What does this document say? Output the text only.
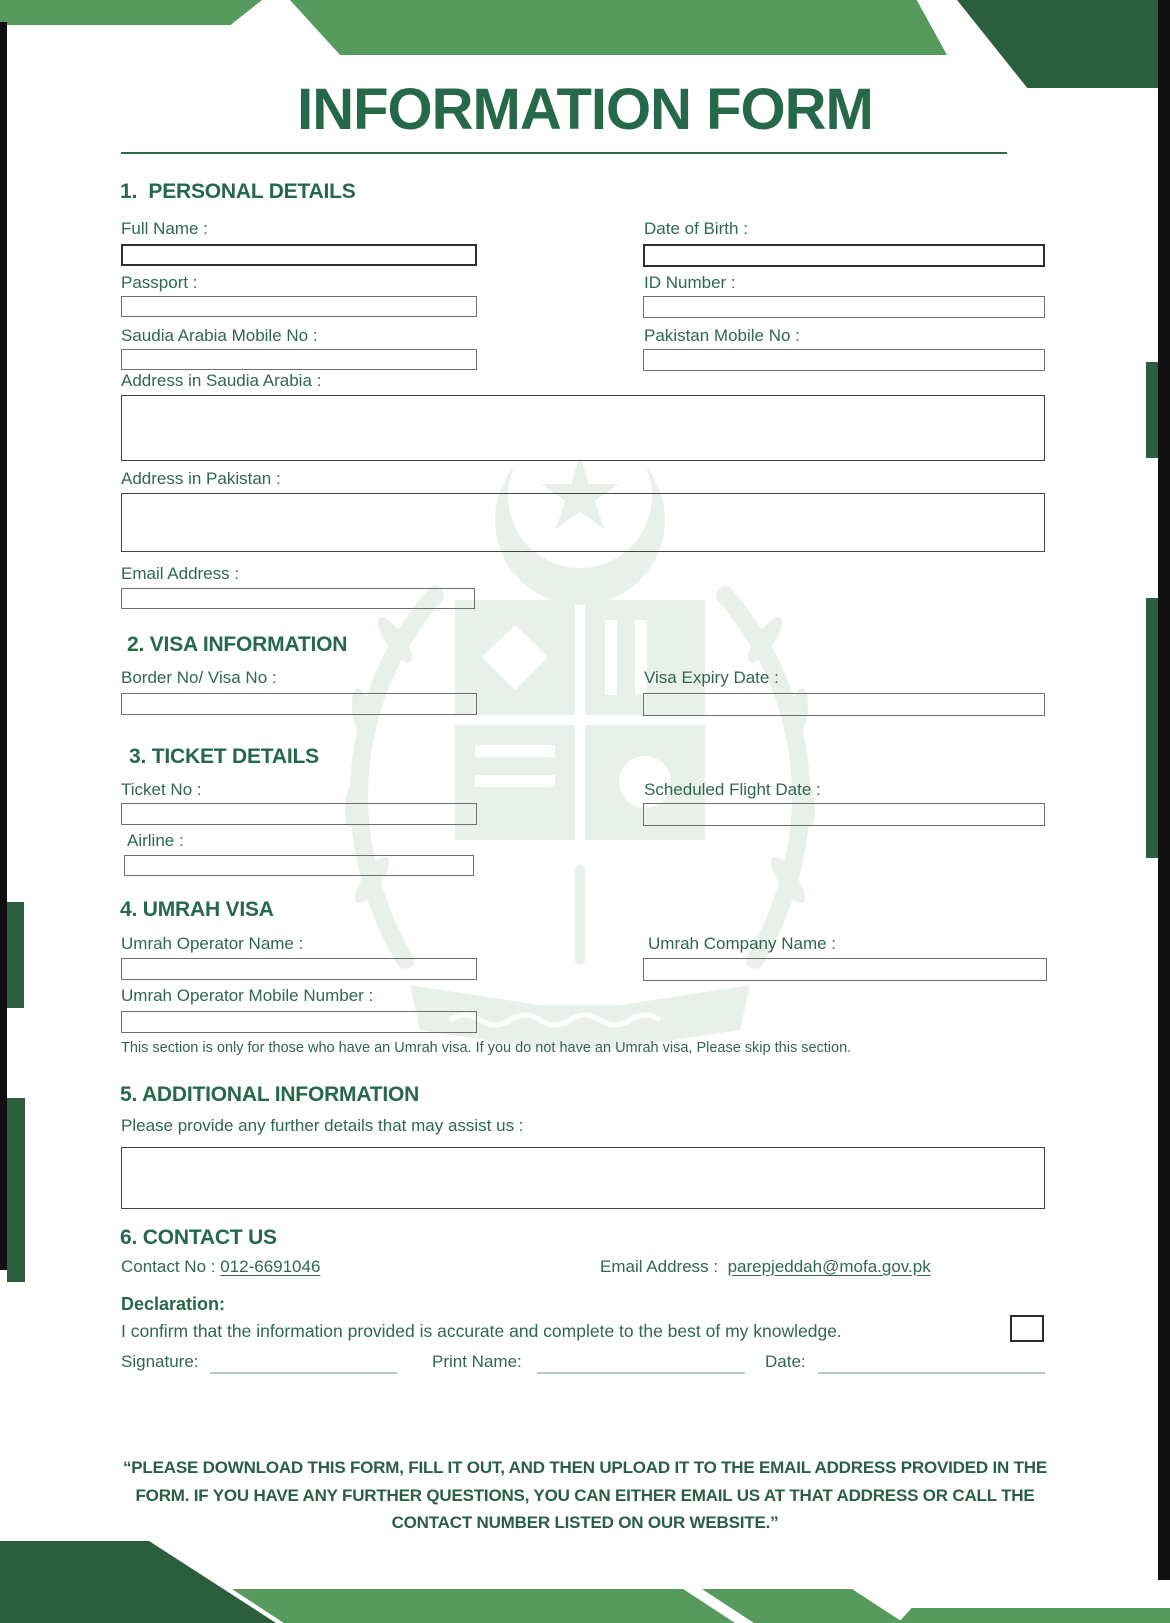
INFORMATION FORM
1.  PERSONAL DETAILS
Full Name :	Date of Birth :
Passport :	ID Number :
Saudia Arabia Mobile No :	Pakistan Mobile No :
Address in Saudia Arabia :
Address in Pakistan :
Email Address :
2. VISA INFORMATION
Border No/ Visa No :	Visa Expiry Date :
3. TICKET DETAILS
Ticket No :	Scheduled Flight Date :
Airline :
4. UMRAH VISA
Umrah Operator Name :	Umrah Company Name :
Umrah Operator Mobile Number :
This section is only for those who have an Umrah visa. If you do not have an Umrah visa, Please skip this section.
5. ADDITIONAL INFORMATION
Please provide any further details that may assist us :
6. CONTACT US
Contact No : 012-6691046	Email Address :  parepjeddah@mofa.gov.pk
Declaration:
I confirm that the information provided is accurate and complete to the best of my knowledge.
Signature:	Print Name:	Date:
“PLEASE DOWNLOAD THIS FORM, FILL IT OUT, AND THEN UPLOAD IT TO THE EMAIL ADDRESS PROVIDED IN THE
FORM. IF YOU HAVE ANY FURTHER QUESTIONS, YOU CAN EITHER EMAIL US AT THAT ADDRESS OR CALL THE
CONTACT NUMBER LISTED ON OUR WEBSITE.”
